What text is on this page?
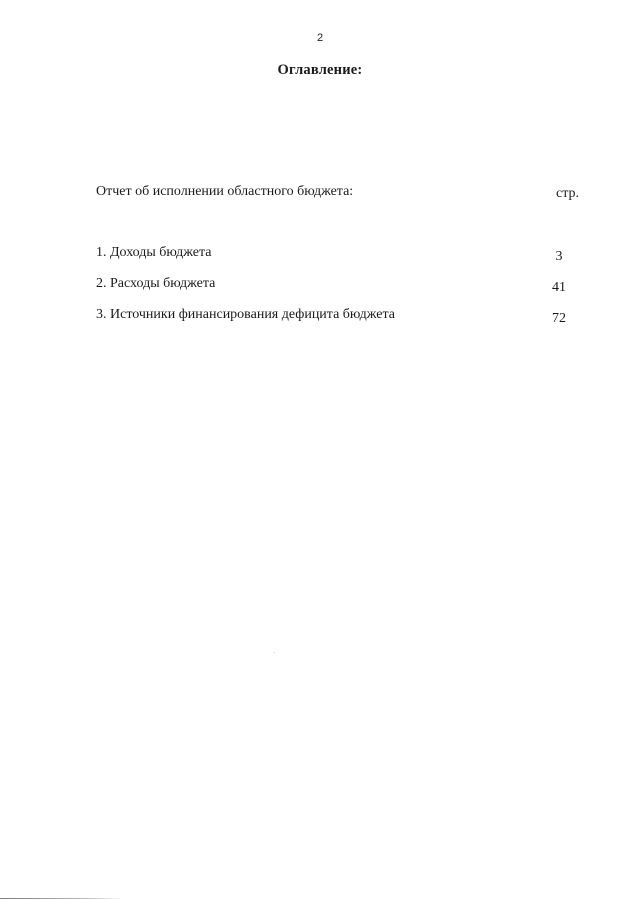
2
Оглавление:
Отчет об исполнении областного бюджета:	стр.
1. Доходы бюджета	3
2. Расходы бюджета	41
3. Источники финансирования дефицита бюджета	72
